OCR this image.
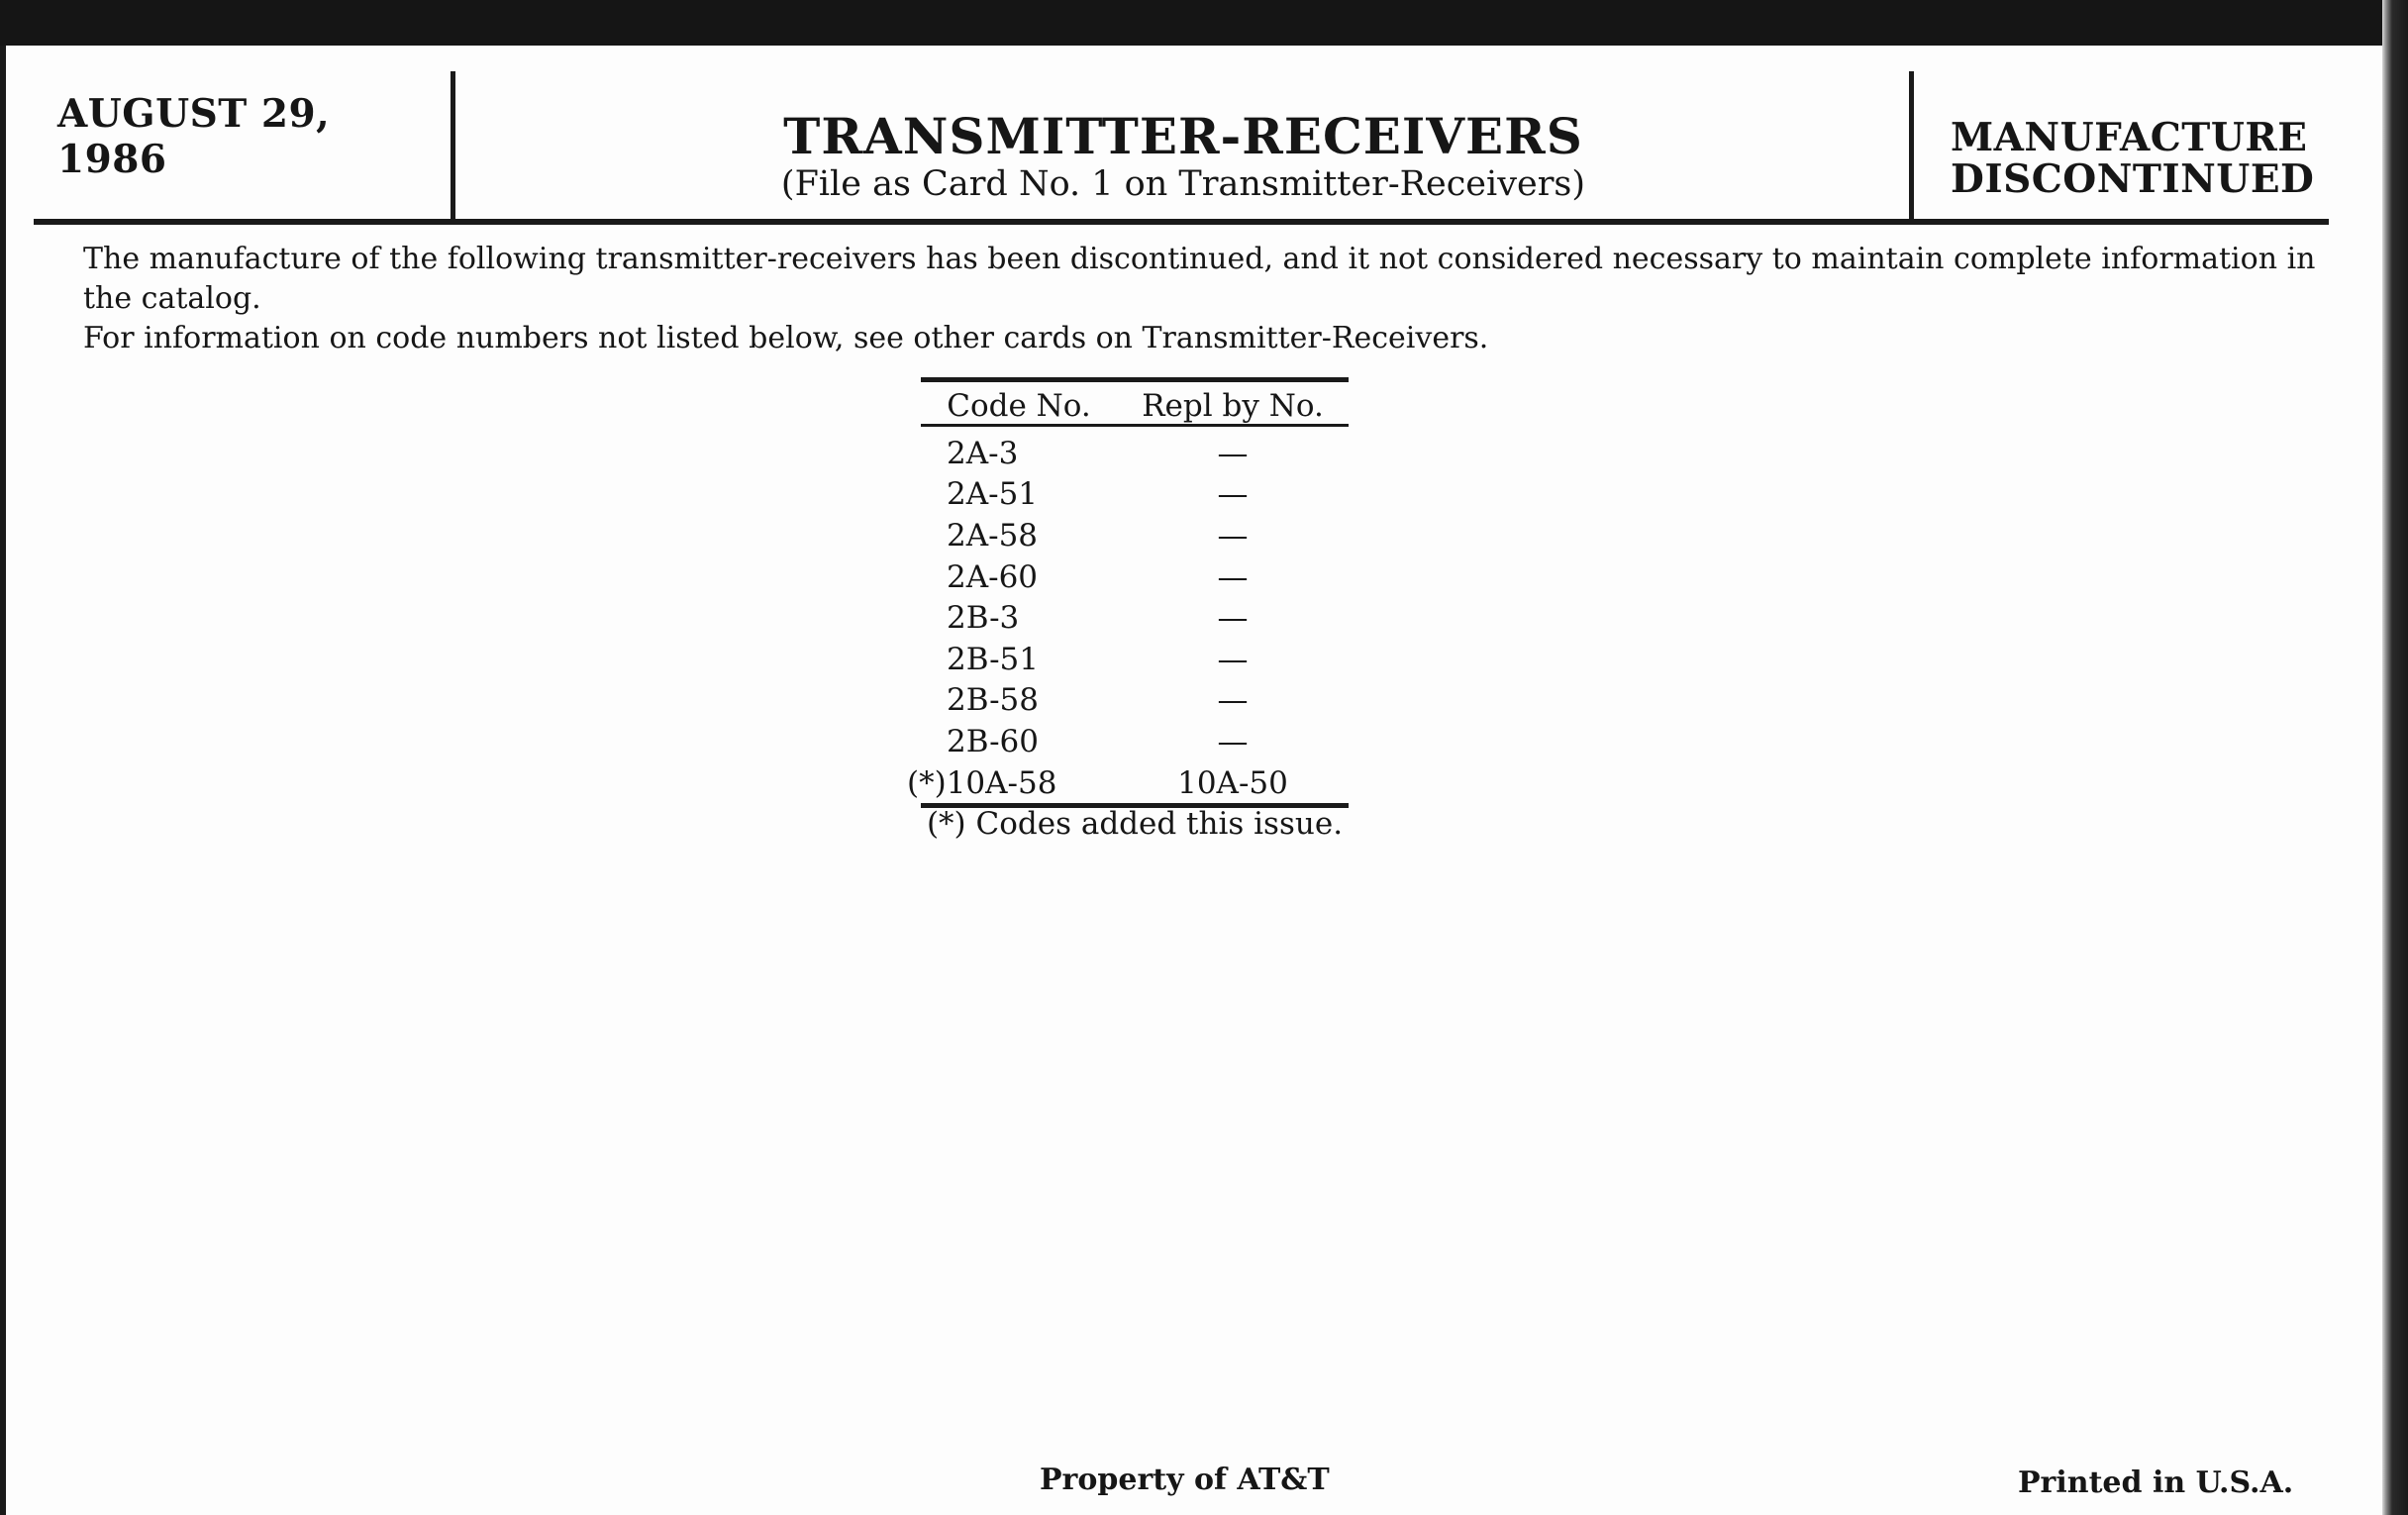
AUGUST 29, 1986	TRANSMITTER-RECEIVERS
(File as Card No. 1 on Transmitter-Receivers)
MANUFACTURE
DISCONTINUED
The manufacture of the following transmitter-receivers has been discontinued, and it not considered necessary to maintain complete information in the catalog.
For information on code numbers not listed below, see other cards on Transmitter-Receivers.
Code No.	Repl by No.
2A-3	—
2A-51	—
2A-58	—
2A-60	—
2B-3	—
2B-51	—
2B-58	—
2B-60	—
(*)10A-58	10A-50
(*) Codes added this issue.
Property of AT&T	Printed in U.S.A.
